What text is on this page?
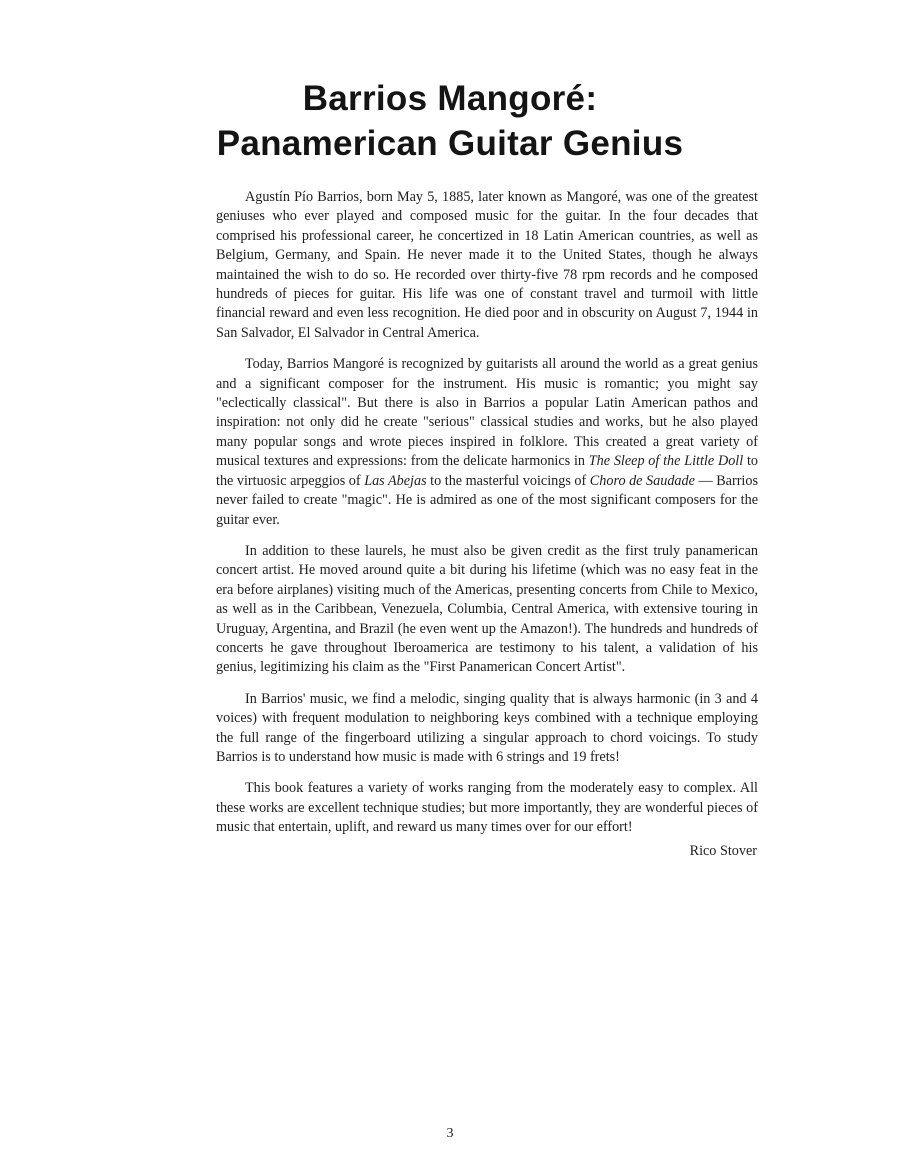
Barrios Mangoré:
Panamerican Guitar Genius

Agustín Pío Barrios, born May 5, 1885, later known as Mangoré, was one of the greatest geniuses who ever played and composed music for the guitar. In the four decades that comprised his professional career, he concertized in 18 Latin American countries, as well as Belgium, Germany, and Spain. He never made it to the United States, though he always maintained the wish to do so. He recorded over thirty-five 78 rpm records and he composed hundreds of pieces for guitar. His life was one of constant travel and turmoil with little financial reward and even less recognition. He died poor and in obscurity on August 7, 1944 in San Salvador, El Salvador in Central America.

Today, Barrios Mangoré is recognized by guitarists all around the world as a great genius and a significant composer for the instrument. His music is romantic; you might say "eclectically classical". But there is also in Barrios a popular Latin American pathos and inspiration: not only did he create "serious" classical studies and works, but he also played many popular songs and wrote pieces inspired in folklore. This created a great variety of musical textures and expressions: from the delicate harmonics in The Sleep of the Little Doll to the virtuosic arpeggios of Las Abejas to the masterful voicings of Choro de Saudade — Barrios never failed to create "magic". He is admired as one of the most significant composers for the guitar ever.

In addition to these laurels, he must also be given credit as the first truly panamerican concert artist. He moved around quite a bit during his lifetime (which was no easy feat in the era before airplanes) visiting much of the Americas, presenting concerts from Chile to Mexico, as well as in the Caribbean, Venezuela, Columbia, Central America, with extensive touring in Uruguay, Argentina, and Brazil (he even went up the Amazon!). The hundreds and hundreds of concerts he gave throughout Iberoamerica are testimony to his talent, a validation of his genius, legitimizing his claim as the "First Panamerican Concert Artist".

In Barrios' music, we find a melodic, singing quality that is always harmonic (in 3 and 4 voices) with frequent modulation to neighboring keys combined with a technique employing the full range of the fingerboard utilizing a singular approach to chord voicings. To study Barrios is to understand how music is made with 6 strings and 19 frets!

This book features a variety of works ranging from the moderately easy to complex. All these works are excellent technique studies; but more importantly, they are wonderful pieces of music that entertain, uplift, and reward us many times over for our effort!

Rico Stover

3
